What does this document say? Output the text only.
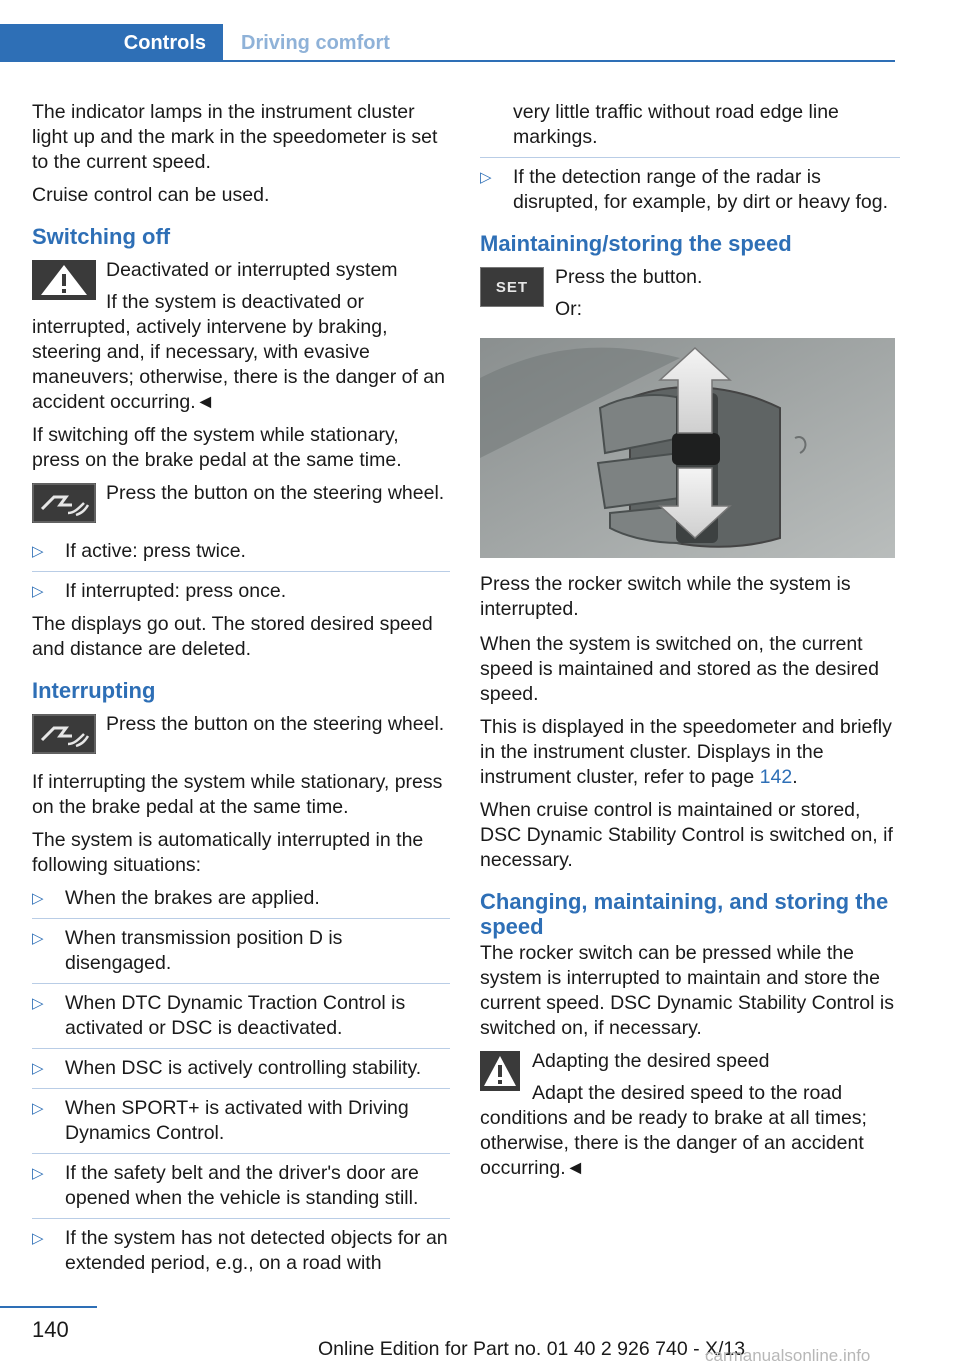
Controls	Driving comfort

The indicator lamps in the instrument cluster light up and the mark in the speedometer is set to the current speed.

Cruise control can be used.

Switching off
Deactivated or interrupted system
If the system is deactivated or interrupted, actively intervene by braking, steering and, if necessary, with evasive maneuvers; otherwise, there is the danger of an accident occurring.◄

If switching off the system while stationary, press on the brake pedal at the same time.

Press the button on the steering wheel.
▷ If active: press twice.
▷ If interrupted: press once.

The displays go out. The stored desired speed and distance are deleted.

Interrupting
Press the button on the steering wheel.

If interrupting the system while stationary, press on the brake pedal at the same time.

The system is automatically interrupted in the following situations:

▷ When the brakes are applied.
▷ When transmission position D is disengaged.
▷ When DTC Dynamic Traction Control is activated or DSC is deactivated.
▷ When DSC is actively controlling stability.
▷ When SPORT+ is activated with Driving Dynamics Control.
▷ If the safety belt and the driver's door are opened when the vehicle is standing still.
▷ If the system has not detected objects for an extended period, e.g., on a road with
very little traffic without road edge line markings.
▷ If the detection range of the radar is disrupted, for example, by dirt or heavy fog.
Maintaining/storing the speed
SET	Press the button.
Or:

Press the rocker switch while the system is interrupted.

When the system is switched on, the current speed is maintained and stored as the desired speed.

This is displayed in the speedometer and briefly in the instrument cluster. Displays in the instrument cluster, refer to page 142.

When cruise control is maintained or stored, DSC Dynamic Stability Control is switched on, if necessary.

Changing, maintaining, and storing the speed

The rocker switch can be pressed while the system is interrupted to maintain and store the current speed. DSC Dynamic Stability Control is switched on, if necessary.

Adapting the desired speed
Adapt the desired speed to the road conditions and be ready to brake at all times; otherwise, there is the danger of an accident occurring.◄
140
Online Edition for Part no. 01 40 2 926 740 - X/13
carmanualsonline.info
